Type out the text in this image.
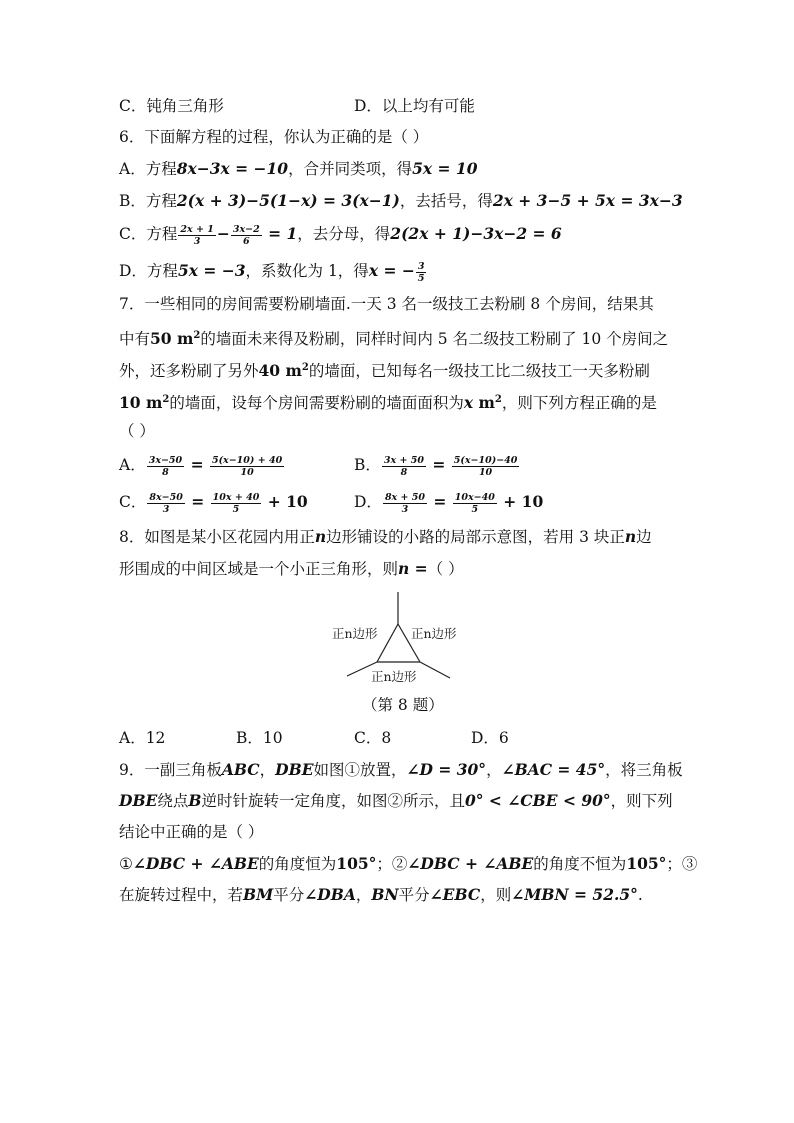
C．钝角三角形	D．以上均有可能
6．下面解方程的过程，你认为正确的是（ ）
A．方程8x−3x = −10，合并同类项，得5x = 10
B．方程2(x + 3)−5(1−x) = 3(x−1)，去括号，得2x + 3−5 + 5x = 3x−3
C．方程 $\frac{2x + 1}{3} - \frac{3x-2}{6} = 1$，去分母，得2(2x + 1)−3x−2 = 6
D．方程5x = −3，系数化为 1，得x = − $\frac{3}{5}$
7．一些相同的房间需要粉刷墙面.一天 3 名一级技工去粉刷 8 个房间，结果其
中有50 $m^2$的墙面未来得及粉刷，同样时间内 5 名二级技工粉刷了 10 个房间之
外，还多粉刷了另外40 $m^2$的墙面，已知每名一级技工比二级技工一天多粉刷
10 $m^2$的墙面，设每个房间需要粉刷的墙面面积为x $m^2$，则下列方程正确的是
（ ）
A． $\frac{3x-50}{8} = \frac{5(x-10) + 40}{10}$	B． $\frac{3x + 50}{8} = \frac{5(x-10)-40}{10}$
C． $\frac{8x-50}{3} = \frac{10x + 40}{5} + 10$	D． $\frac{8x + 50}{3} = \frac{10x-40}{5} + 10$
8．如图是某小区花园内用正n边形铺设的小路的局部示意图，若用 3 块正n边
形围成的中间区域是一个小正三角形，则n =（ ）
正n边形	正n边形
正n边形
（第 8 题）
A．12	B．10	C．8	D．6
9．一副三角板ABC，DBE如图①放置，∠D = 30°，∠BAC = 45°，将三角板
DBE绕点B逆时针旋转一定角度，如图②所示，且0° < ∠CBE < 90°，则下列
结论中正确的是（ ）
①∠DBC + ∠ABE的角度恒为105°；②∠DBC + ∠ABE的角度不恒为105°；③
在旋转过程中，若BM平分∠DBA，BN平分∠EBC，则∠MBN = 52.5°.
